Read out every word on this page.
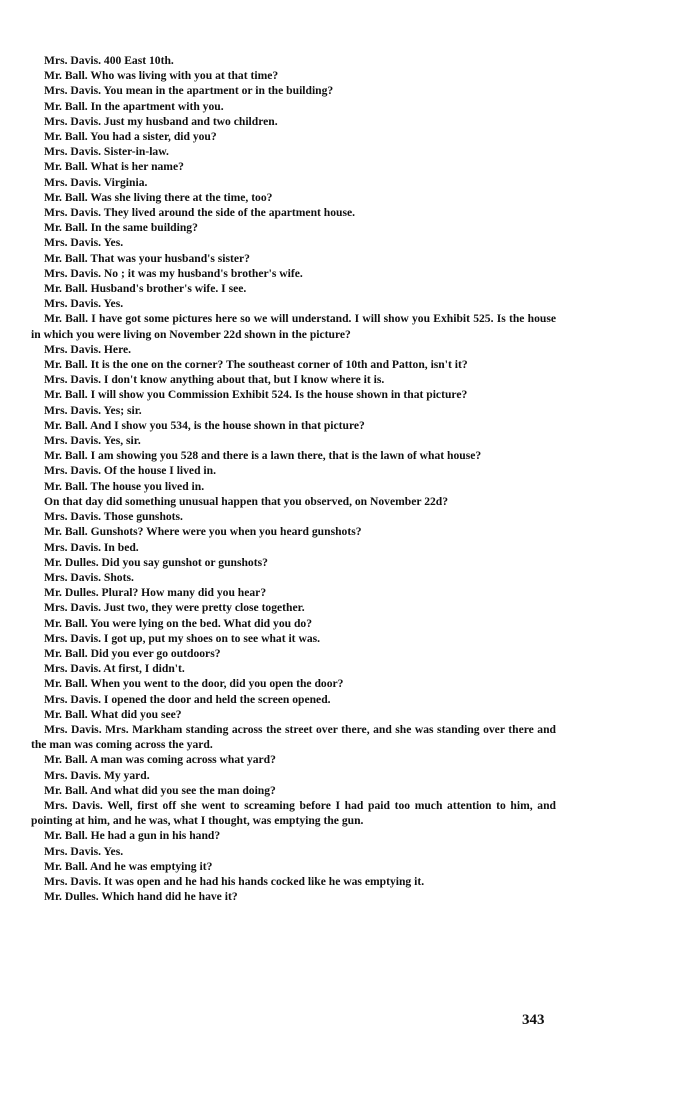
Mrs. Davis. 400 East 10th.

Mr. Ball. Who was living with you at that time?

Mrs. Davis. You mean in the apartment or in the building?

Mr. Ball. In the apartment with you.

Mrs. Davis. Just my husband and two children.

Mr. Ball. You had a sister, did you?

Mrs. Davis. Sister-in-law.

Mr. Ball. What is her name?

Mrs. Davis. Virginia.

Mr. Ball. Was she living there at the time, too?

Mrs. Davis. They lived around the side of the apartment house.

Mr. Ball. In the same building?

Mrs. Davis. Yes.

Mr. Ball. That was your husband's sister?

Mrs. Davis. No ; it was my husband's brother's wife.

Mr. Ball. Husband's brother's wife. I see.

Mrs. Davis. Yes.

Mr. Ball. I have got some pictures here so we will understand. I will show you Exhibit 525. Is the house in which you were living on November 22d shown in the picture?

Mrs. Davis. Here.

Mr. Ball. It is the one on the corner? The southeast corner of 10th and Patton, isn't it?

Mrs. Davis. I don't know anything about that, but I know where it is.

Mr. Ball. I will show you Commission Exhibit 524. Is the house shown in that picture?

Mrs. Davis. Yes; sir.

Mr. Ball. And I show you 534, is the house shown in that picture?

Mrs. Davis. Yes, sir.

Mr. Ball. I am showing you 528 and there is a lawn there, that is the lawn of what house?

Mrs. Davis. Of the house I lived in.

Mr. Ball. The house you lived in.

On that day did something unusual happen that you observed, on November 22d?

Mrs. Davis. Those gunshots.

Mr. Ball. Gunshots? Where were you when you heard gunshots?

Mrs. Davis. In bed.

Mr. Dulles. Did you say gunshot or gunshots?

Mrs. Davis. Shots.

Mr. Dulles. Plural? How many did you hear?

Mrs. Davis. Just two, they were pretty close together.

Mr. Ball. You were lying on the bed. What did you do?

Mrs. Davis. I got up, put my shoes on to see what it was.

Mr. Ball. Did you ever go outdoors?

Mrs. Davis. At first, I didn't.

Mr. Ball. When you went to the door, did you open the door?

Mrs. Davis. I opened the door and held the screen opened.

Mr. Ball. What did you see?

Mrs. Davis. Mrs. Markham standing across the street over there, and she was standing over there and the man was coming across the yard.

Mr. Ball. A man was coming across what yard?

Mrs. Davis. My yard.

Mr. Ball. And what did you see the man doing?

Mrs. Davis. Well, first off she went to screaming before I had paid too much attention to him, and pointing at him, and he was, what I thought, was emptying the gun.

Mr. Ball. He had a gun in his hand?

Mrs. Davis. Yes.

Mr. Ball. And he was emptying it?

Mrs. Davis. It was open and he had his hands cocked like he was emptying it.

Mr. Dulles. Which hand did he have it?

343
